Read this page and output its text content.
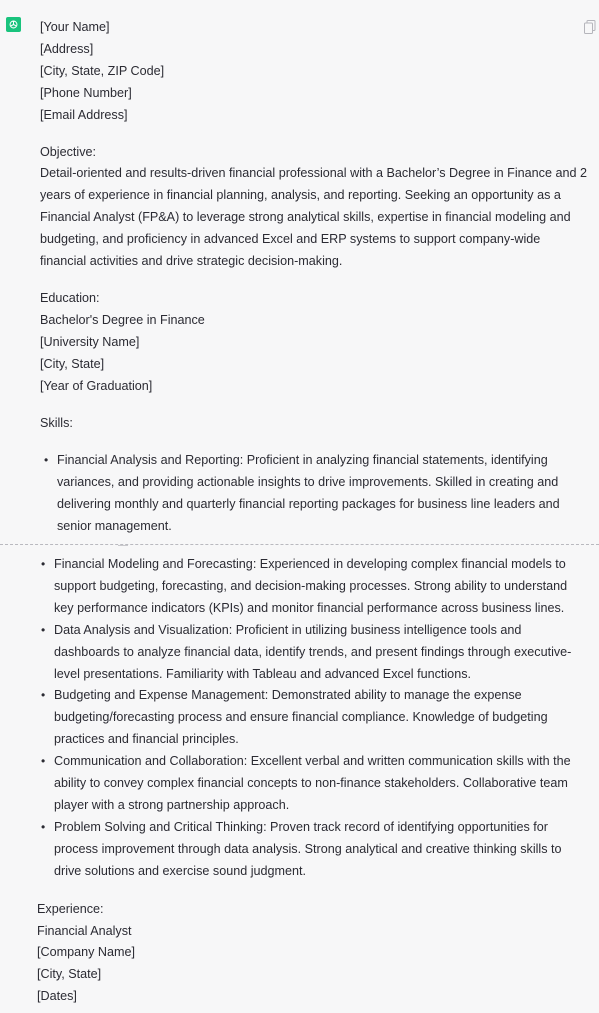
[Your Name]
[Address]
[City, State, ZIP Code]
[Phone Number]
[Email Address]
Objective:
Detail-oriented and results-driven financial professional with a Bachelor’s Degree in Finance and 2
years of experience in financial planning, analysis, and reporting. Seeking an opportunity as a
Financial Analyst (FP&A) to leverage strong analytical skills, expertise in financial modeling and
budgeting, and proficiency in advanced Excel and ERP systems to support company-wide
financial activities and drive strategic decision-making.
Education:
Bachelor's Degree in Finance
[University Name]
[City, State]
[Year of Graduation]
Skills:
• Financial Analysis and Reporting: Proficient in analyzing financial statements, identifying
variances, and providing actionable insights to drive improvements. Skilled in creating and
delivering monthly and quarterly financial reporting packages for business line leaders and
senior management.
• Financial Modeling and Forecasting: Experienced in developing complex financial models to
support budgeting, forecasting, and decision-making processes. Strong ability to understand
key performance indicators (KPIs) and monitor financial performance across business lines.
• Data Analysis and Visualization: Proficient in utilizing business intelligence tools and
dashboards to analyze financial data, identify trends, and present findings through executive-
level presentations. Familiarity with Tableau and advanced Excel functions.
• Budgeting and Expense Management: Demonstrated ability to manage the expense
budgeting/forecasting process and ensure financial compliance. Knowledge of budgeting
practices and financial principles.
• Communication and Collaboration: Excellent verbal and written communication skills with the
ability to convey complex financial concepts to non-finance stakeholders. Collaborative team
player with a strong partnership approach.
• Problem Solving and Critical Thinking: Proven track record of identifying opportunities for
process improvement through data analysis. Strong analytical and creative thinking skills to
drive solutions and exercise sound judgment.
Experience:
Financial Analyst
[Company Name]
[City, State]
[Dates]
